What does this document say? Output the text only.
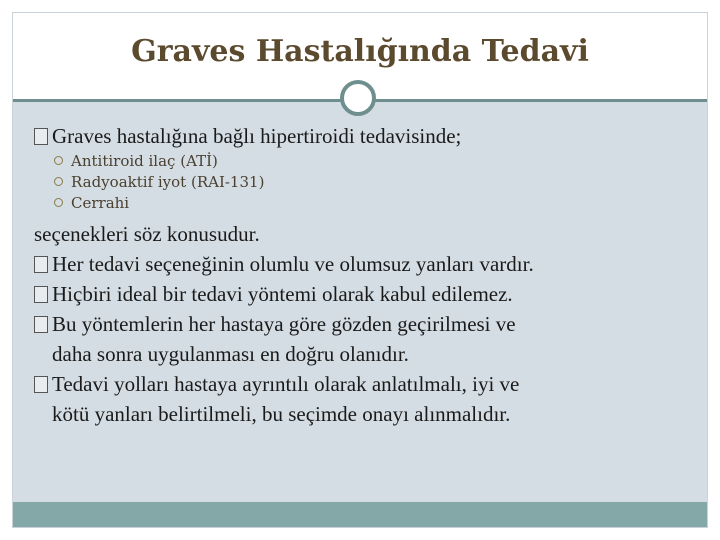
Graves Hastalığında Tedavi
Graves hastalığına bağlı hipertiroidi tedavisinde;
Antitiroid ilaç (ATİ)
Radyoaktif iyot (RAI-131)
Cerrahi
seçenekleri söz konusudur.
Her tedavi seçeneğinin olumlu ve olumsuz yanları vardır.
Hiçbiri ideal bir tedavi yöntemi olarak kabul edilemez.
Bu yöntemlerin her hastaya göre gözden geçirilmesi ve
daha sonra uygulanması en doğru olanıdır.
Tedavi yolları hastaya ayrıntılı olarak anlatılmalı, iyi ve
kötü yanları belirtilmeli, bu seçimde onayı alınmalıdır.
